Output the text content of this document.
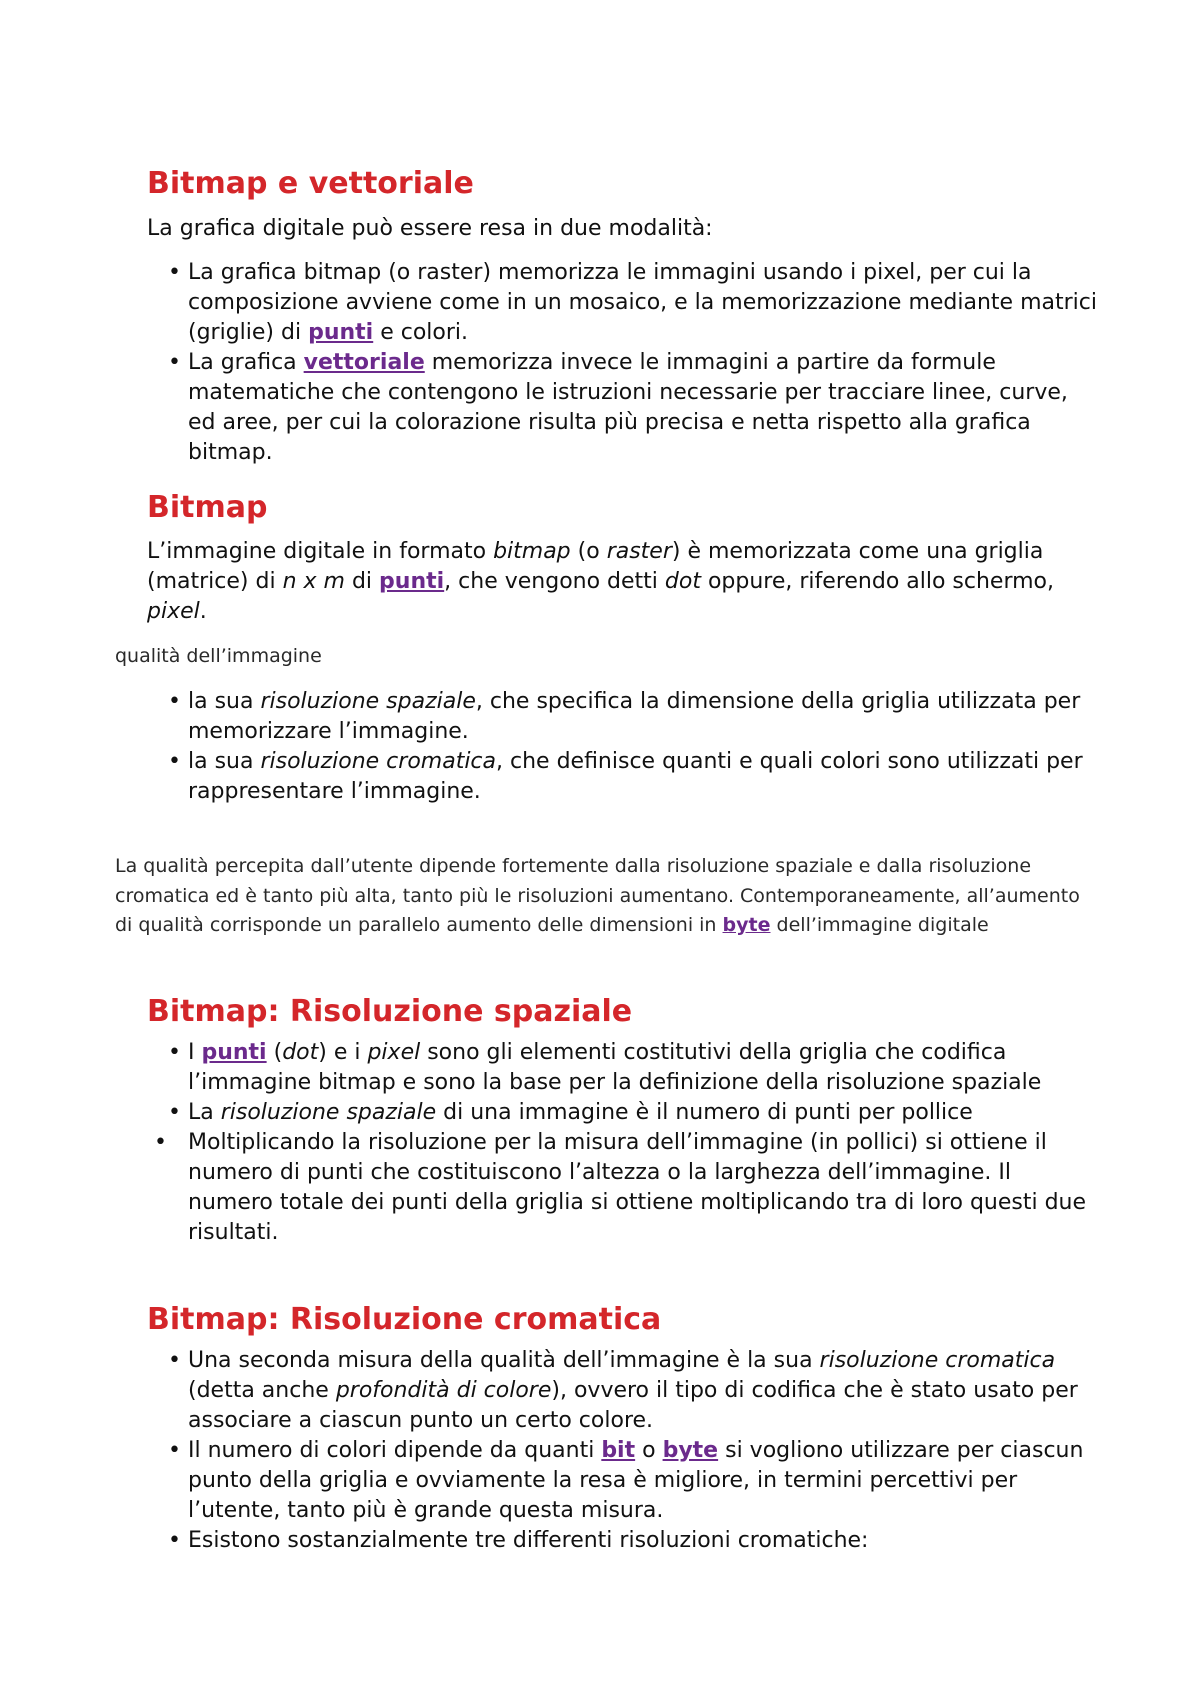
Bitmap e vettoriale

La grafica digitale può essere resa in due modalità:

• La grafica bitmap (o raster) memorizza le immagini usando i pixel, per cui la composizione avviene come in un mosaico, e la memorizzazione mediante matrici (griglie) di punti e colori.
• La grafica vettoriale memorizza invece le immagini a partire da formule matematiche che contengono le istruzioni necessarie per tracciare linee, curve, ed aree, per cui la colorazione risulta più precisa e netta rispetto alla grafica bitmap.
Bitmap

L’immagine digitale in formato bitmap (o raster) è memorizzata come una griglia (matrice) di n x m di punti, che vengono detti dot oppure, riferendo allo schermo, pixel.

qualità dell’immagine

• la sua risoluzione spaziale, che specifica la dimensione della griglia utilizzata per memorizzare l’immagine.
• la sua risoluzione cromatica, che definisce quanti e quali colori sono utilizzati per rappresentare l’immagine.

La qualità percepita dall’utente dipende fortemente dalla risoluzione spaziale e dalla risoluzione cromatica ed è tanto più alta, tanto più le risoluzioni aumentano. Contemporaneamente, all’aumento di qualità corrisponde un parallelo aumento delle dimensioni in byte dell’immagine digitale

Bitmap: Risoluzione spaziale
• I punti (dot) e i pixel sono gli elementi costitutivi della griglia che codifica l’immagine bitmap e sono la base per la definizione della risoluzione spaziale
• La risoluzione spaziale di una immagine è il numero di punti per pollice
• Moltiplicando la risoluzione per la misura dell’immagine (in pollici) si ottiene il numero di punti che costituiscono l’altezza o la larghezza dell’immagine. Il numero totale dei punti della griglia si ottiene moltiplicando tra di loro questi due risultati.
Bitmap: Risoluzione cromatica
• Una seconda misura della qualità dell’immagine è la sua risoluzione cromatica (detta anche profondità di colore), ovvero il tipo di codifica che è stato usato per associare a ciascun punto un certo colore.
• Il numero di colori dipende da quanti bit o byte si vogliono utilizzare per ciascun punto della griglia e ovviamente la resa è migliore, in termini percettivi per l’utente, tanto più è grande questa misura.
• Esistono sostanzialmente tre differenti risoluzioni cromatiche:
